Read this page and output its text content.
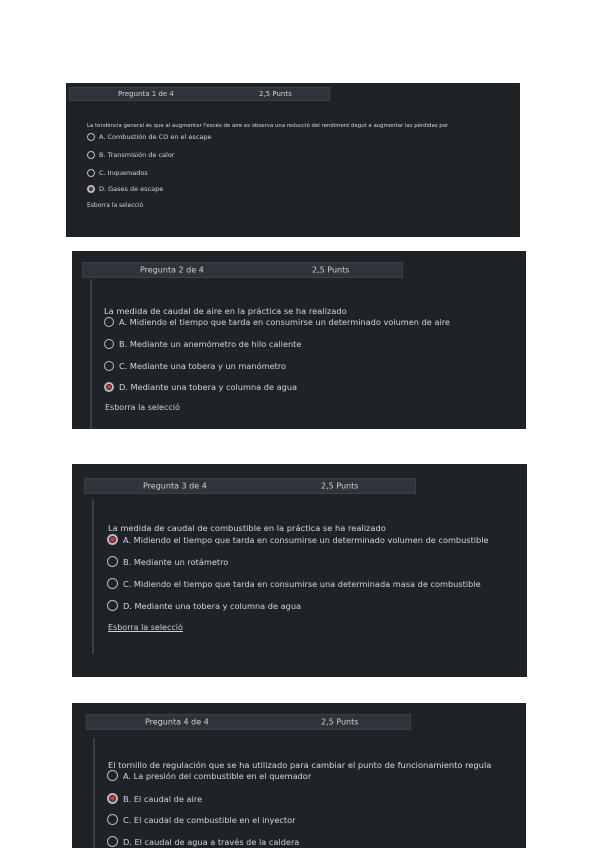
Pregunta 1 de 4	2,5 Punts
La tendència general és que al augmentar l'excés de aire es observa una reducció del rendiment degut a augmentar las pèrdidas por
A. Combustión de CO en el escape
B. Transmisión de calor
C. Inquemados
D. Gases de escape
Esborra la selecció
Pregunta 2 de 4	2,5 Punts
La medida de caudal de aire en la práctica se ha realizado
A. Midiendo el tiempo que tarda en consumirse un determinado volumen de aire
B. Mediante un anemómetro de hilo caliente
C. Mediante una tobera y un manómetro
D. Mediante una tobera y columna de agua
Esborra la selecció
Pregunta 3 de 4	2,5 Punts
La medida de caudal de combustible en la práctica se ha realizado
A. Midiendo el tiempo que tarda en consumirse un determinado volumen de combustible
B. Mediante un rotámetro
C. Midiendo el tiempo que tarda en consumirse una determinada masa de combustible
D. Mediante una tobera y columna de agua
Esborra la selecció
Pregunta 4 de 4	2,5 Punts
El tornillo de regulación que se ha utilizado para cambiar el punto de funcionamiento regula
A. La presión del combustible en el quemador
B. El caudal de aire
C. El caudal de combustible en el inyector
D. El caudal de agua a través de la caldera
